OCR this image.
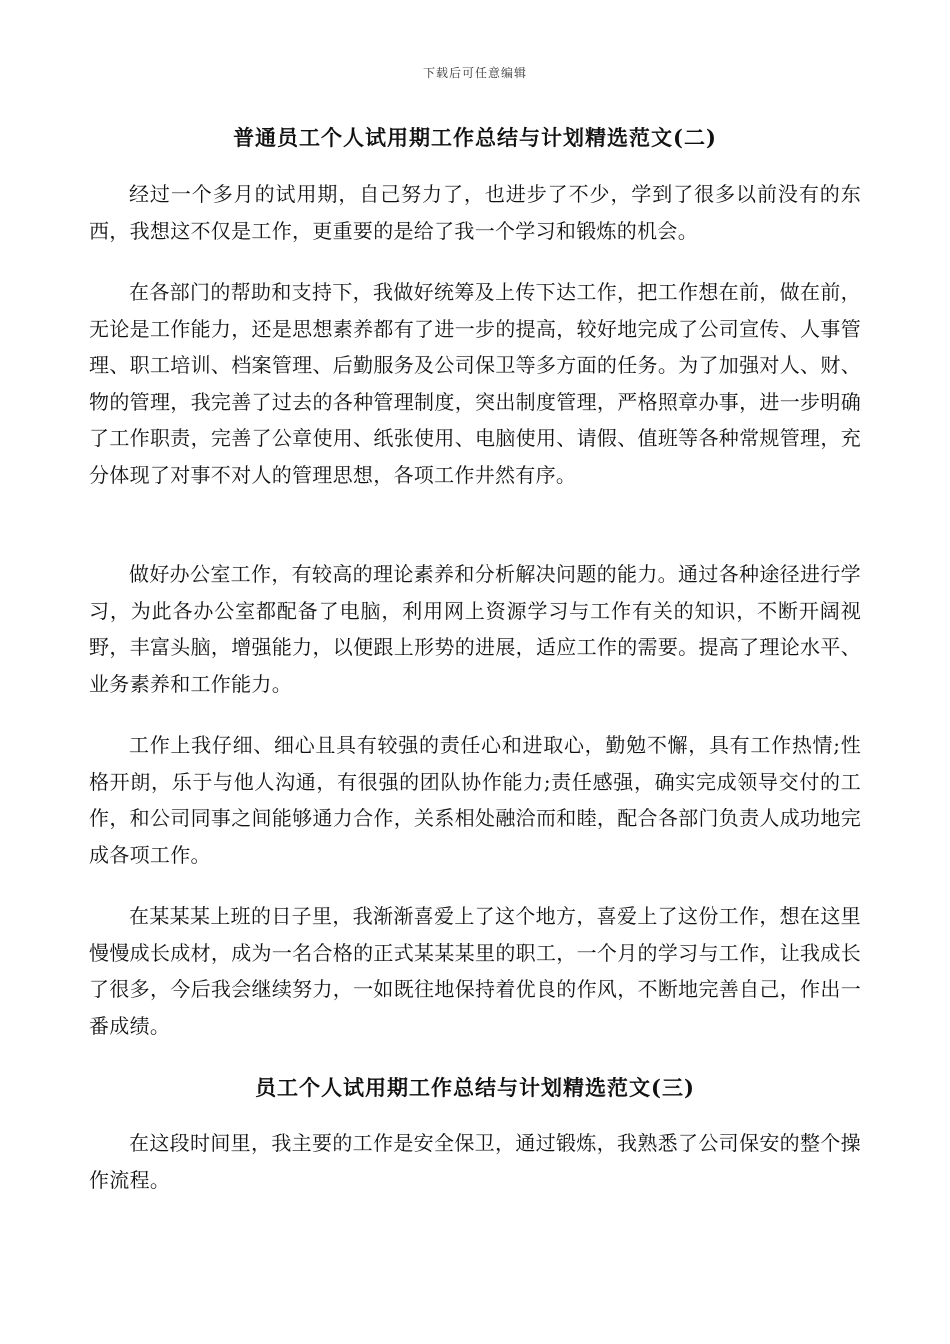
下载后可任意编辑
普通员工个人试用期工作总结与计划精选范文(二)

经过一个多月的试用期，自己努力了，也进步了不少，学到了很多以前没有的东西，我想这不仅是工作，更重要的是给了我一个学习和锻炼的机会。

在各部门的帮助和支持下，我做好统筹及上传下达工作，把工作想在前，做在前，无论是工作能力，还是思想素养都有了进一步的提高，较好地完成了公司宣传、人事管理、职工培训、档案管理、后勤服务及公司保卫等多方面的任务。为了加强对人、财、物的管理，我完善了过去的各种管理制度，突出制度管理，严格照章办事，进一步明确了工作职责，完善了公章使用、纸张使用、电脑使用、请假、值班等各种常规管理，充分体现了对事不对人的管理思想，各项工作井然有序。

做好办公室工作，有较高的理论素养和分析解决问题的能力。通过各种途径进行学习，为此各办公室都配备了电脑，利用网上资源学习与工作有关的知识，不断开阔视野，丰富头脑，增强能力，以便跟上形势的进展，适应工作的需要。提高了理论水平、业务素养和工作能力。

工作上我仔细、细心且具有较强的责任心和进取心，勤勉不懈，具有工作热情;性格开朗，乐于与他人沟通，有很强的团队协作能力;责任感强，确实完成领导交付的工作，和公司同事之间能够通力合作，关系相处融洽而和睦，配合各部门负责人成功地完成各项工作。

在某某某上班的日子里，我渐渐喜爱上了这个地方，喜爱上了这份工作，想在这里慢慢成长成材，成为一名合格的正式某某某里的职工，一个月的学习与工作，让我成长了很多，今后我会继续努力，一如既往地保持着优良的作风，不断地完善自己，作出一番成绩。

员工个人试用期工作总结与计划精选范文(三)

在这段时间里，我主要的工作是安全保卫，通过锻炼，我熟悉了公司保安的整个操作流程。
